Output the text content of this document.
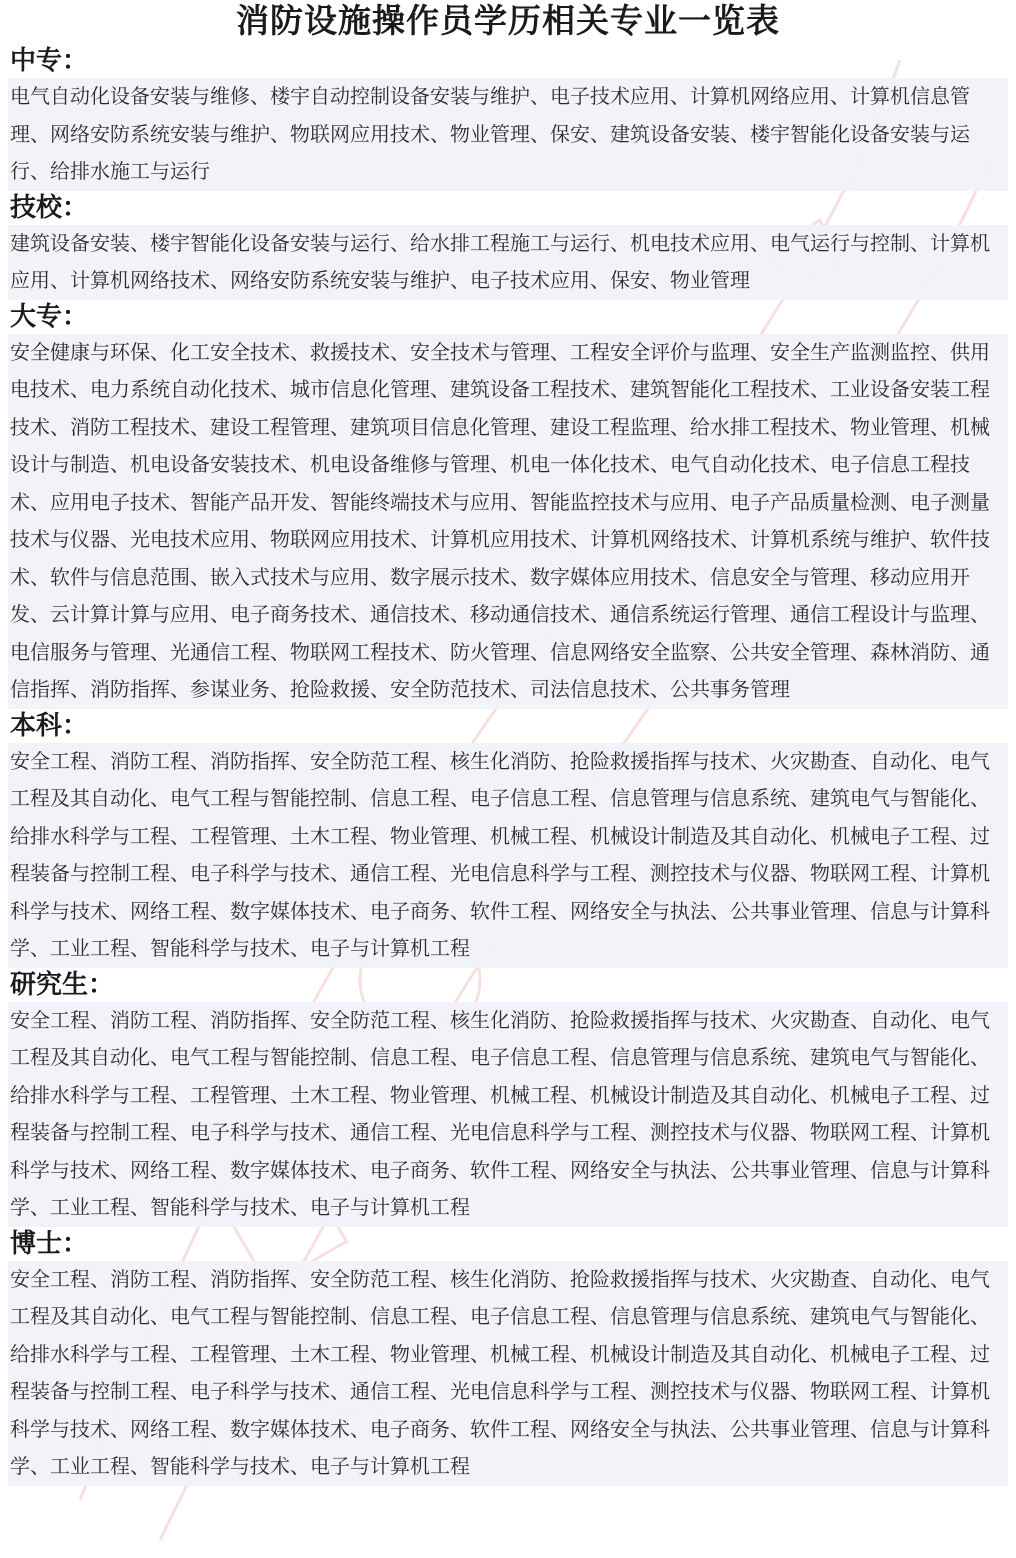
消防设施操作员学历相关专业一览表
中专：

电气自动化设备安装与维修、楼宇自动控制设备安装与维护、电子技术应用、计算机网络应用、计算机信息管理、网络安防系统安装与维护、物联网应用技术、物业管理、保安、建筑设备安装、楼宇智能化设备安装与运行、给排水施工与运行

技校：

建筑设备安装、楼宇智能化设备安装与运行、给水排工程施工与运行、机电技术应用、电气运行与控制、计算机应用、计算机网络技术、网络安防系统安装与维护、电子技术应用、保安、物业管理

大专：

安全健康与环保、化工安全技术、救援技术、安全技术与管理、工程安全评价与监理、安全生产监测监控、供用电技术、电力系统自动化技术、城市信息化管理、建筑设备工程技术、建筑智能化工程技术、工业设备安装工程技术、消防工程技术、建设工程管理、建筑项目信息化管理、建设工程监理、给水排工程技术、物业管理、机械设计与制造、机电设备安装技术、机电设备维修与管理、机电一体化技术、电气自动化技术、电子信息工程技术、应用电子技术、智能产品开发、智能终端技术与应用、智能监控技术与应用、电子产品质量检测、电子测量技术与仪器、光电技术应用、物联网应用技术、计算机应用技术、计算机网络技术、计算机系统与维护、软件技术、软件与信息范围、嵌入式技术与应用、数字展示技术、数字媒体应用技术、信息安全与管理、移动应用开发、云计算计算与应用、电子商务技术、通信技术、移动通信技术、通信系统运行管理、通信工程设计与监理、电信服务与管理、光通信工程、物联网工程技术、防火管理、信息网络安全监察、公共安全管理、森林消防、通信指挥、消防指挥、参谋业务、抢险救援、安全防范技术、司法信息技术、公共事务管理

本科：

安全工程、消防工程、消防指挥、安全防范工程、核生化消防、抢险救援指挥与技术、火灾勘查、自动化、电气工程及其自动化、电气工程与智能控制、信息工程、电子信息工程、信息管理与信息系统、建筑电气与智能化、给排水科学与工程、工程管理、土木工程、物业管理、机械工程、机械设计制造及其自动化、机械电子工程、过程装备与控制工程、电子科学与技术、通信工程、光电信息科学与工程、测控技术与仪器、物联网工程、计算机科学与技术、网络工程、数字媒体技术、电子商务、软件工程、网络安全与执法、公共事业管理、信息与计算科学、工业工程、智能科学与技术、电子与计算机工程

研究生：

安全工程、消防工程、消防指挥、安全防范工程、核生化消防、抢险救援指挥与技术、火灾勘查、自动化、电气工程及其自动化、电气工程与智能控制、信息工程、电子信息工程、信息管理与信息系统、建筑电气与智能化、给排水科学与工程、工程管理、土木工程、物业管理、机械工程、机械设计制造及其自动化、机械电子工程、过程装备与控制工程、电子科学与技术、通信工程、光电信息科学与工程、测控技术与仪器、物联网工程、计算机科学与技术、网络工程、数字媒体技术、电子商务、软件工程、网络安全与执法、公共事业管理、信息与计算科学、工业工程、智能科学与技术、电子与计算机工程

博士：

安全工程、消防工程、消防指挥、安全防范工程、核生化消防、抢险救援指挥与技术、火灾勘查、自动化、电气工程及其自动化、电气工程与智能控制、信息工程、电子信息工程、信息管理与信息系统、建筑电气与智能化、给排水科学与工程、工程管理、土木工程、物业管理、机械工程、机械设计制造及其自动化、机械电子工程、过程装备与控制工程、电子科学与技术、通信工程、光电信息科学与工程、测控技术与仪器、物联网工程、计算机科学与技术、网络工程、数字媒体技术、电子商务、软件工程、网络安全与执法、公共事业管理、信息与计算科学、工业工程、智能科学与技术、电子与计算机工程
